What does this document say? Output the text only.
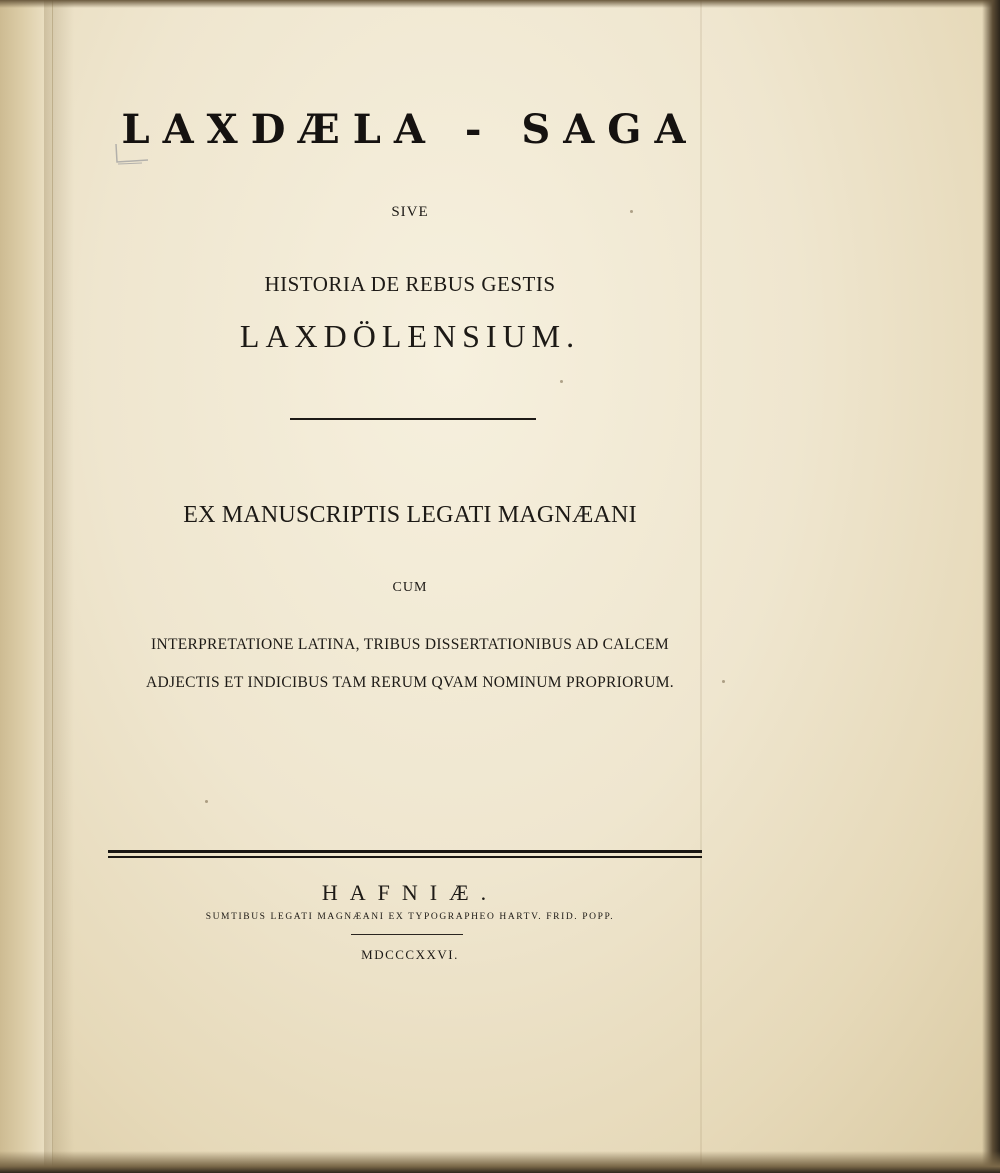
LAXDÆLA - SAGA
SIVE
HISTORIA DE REBUS GESTIS
LAXDÖLENSIUM.
EX MANUSCRIPTIS LEGATI MAGNÆANI
CUM
INTERPRETATIONE LATINA, TRIBUS DISSERTATIONIBUS AD CALCEM
ADJECTIS ET INDICIBUS TAM RERUM QVAM NOMINUM PROPRIORUM.
HAFNIÆ.
SUMTIBUS LEGATI MAGNÆANI EX TYPOGRAPHEO HARTV. FRID. POPP.
MDCCCXXVI.
